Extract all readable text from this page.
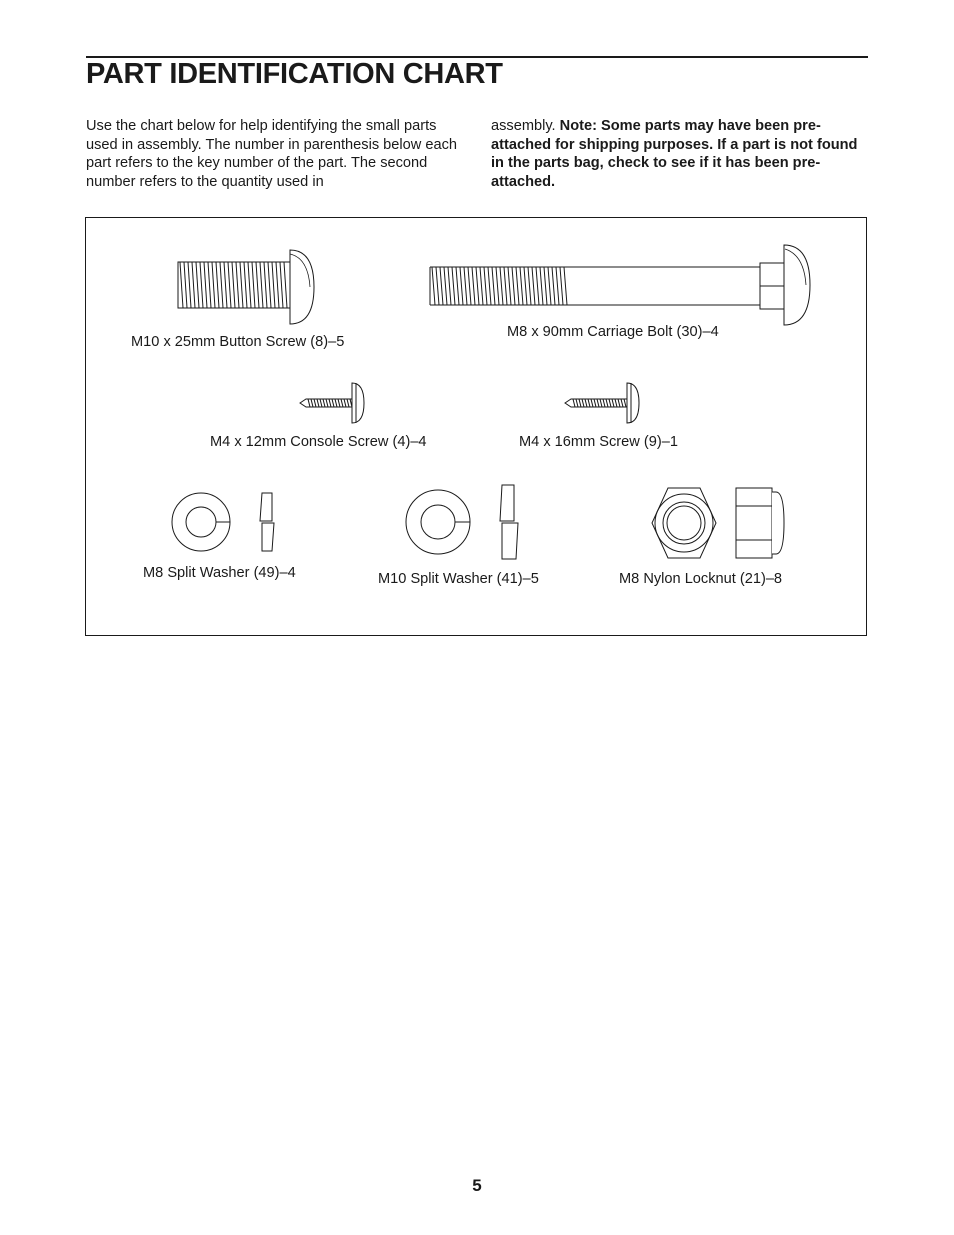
PART IDENTIFICATION CHART
Use the chart below for help identifying the small parts used in assembly. The number in parenthesis below each part refers to the key number of the part. The second number refers to the quantity used in
assembly. Note: Some parts may have been pre-attached for shipping purposes. If a part is not found in the parts bag, check to see if it has been pre-attached.
M10 x 25mm Button Screw (8)–5
M8 x 90mm Carriage Bolt (30)–4
M4 x 12mm Console Screw (4)–4	M4 x 16mm Screw (9)–1
M8 Split Washer (49)–4	M10 Split Washer (41)–5	M8 Nylon Locknut (21)–8
5
